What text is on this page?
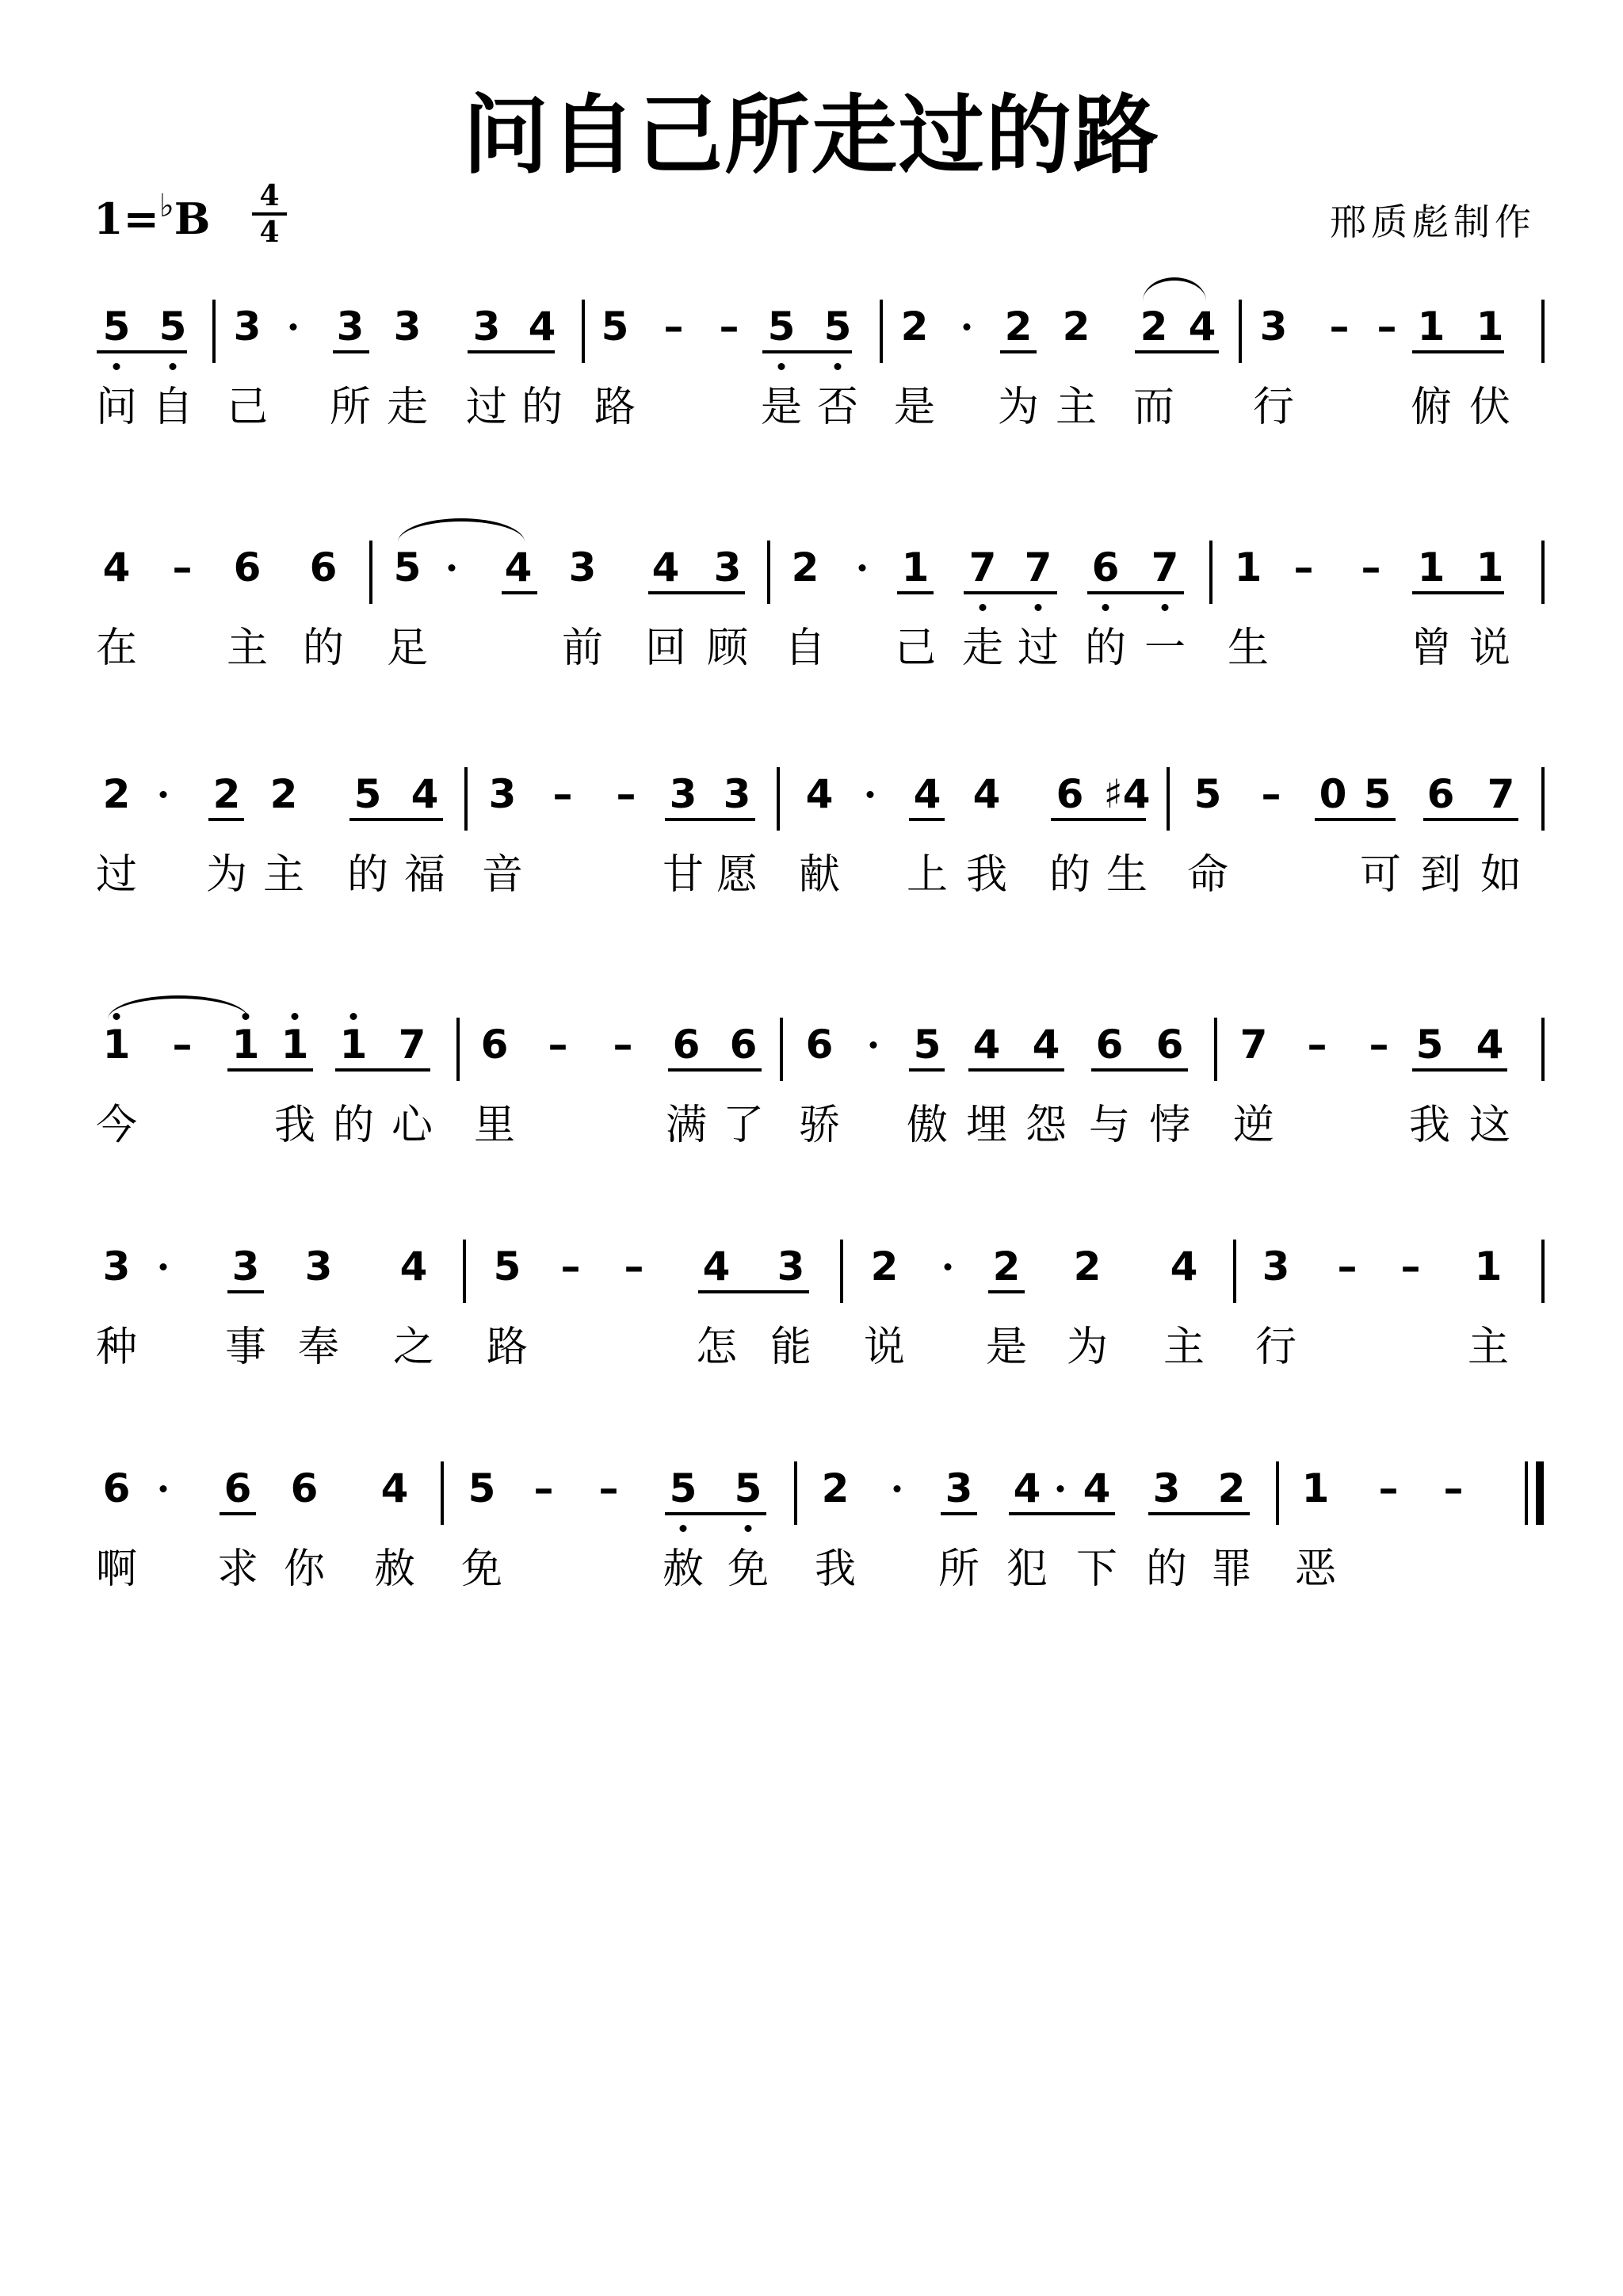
问自己所走过的路
1=♭B 4
4	邢质彪制作
5 5 3 3 3 3 4 5 – – 5 5 2 2 2 2 4 3 – – 1 1
问 自 己 所 走 过 的 路	是 否 是 为 主 而 行	俯 伏
4 – 6 6 5 4 3 4 3 2 1 7 7 6 7 1 – – 1 1
在 主 的 足	前 回 顾 自 己 走 过 的 一 生	曾 说
2 2 2 5 4 3 – – 3 3 4 4 4 6 ♯4 5 – 0 5 6 7
过 为 主 的 福 音	甘 愿 献 上 我 的 生 命	可 到 如
1 – 1 1 1 7 6 – – 6 6 6 5 4 4 6 6 7 – – 5 4
今	我 的 心 里	满 了 骄 傲 埋 怨 与 悖 逆	我 这
3	3 3 4 5 – – 4 3 2 2 2 4 3 – – 1
种 事 奉 之 路	怎 能 说 是 为 主 行	主
6 6 6 4 5 – – 5 5 2 3 4 4 3 2 1 – –
啊 求 你 赦 免	赦 免 我 所 犯 下 的 罪 恶
